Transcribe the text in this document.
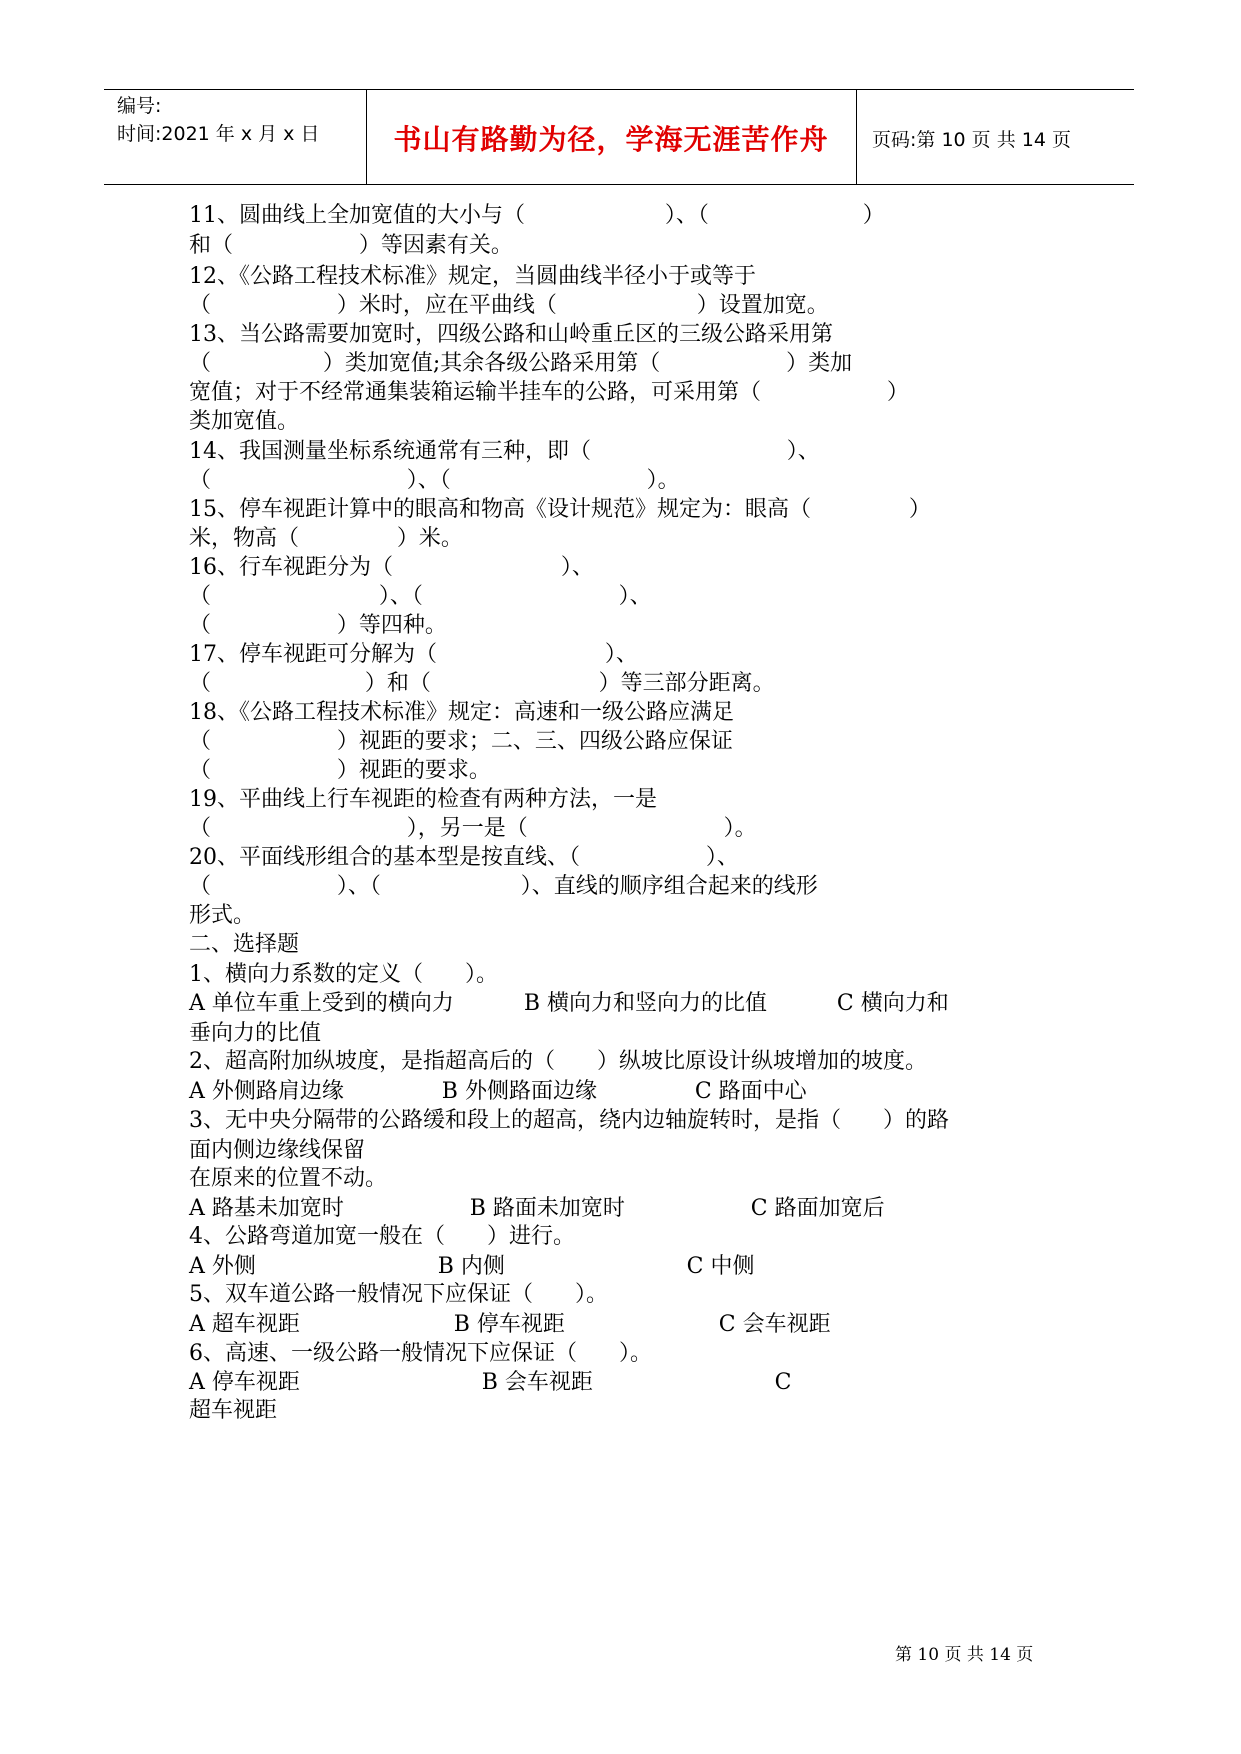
编号:
时间:2021 年 x 月 x 日	书山有路勤为径，学海无涯苦作舟	页码:第 10 页 共 14 页
11、圆曲线上全加宽值的大小与（                    ）、（                      ）
和（                  ）等因素有关。
12、《公路工程技术标准》规定，当圆曲线半径小于或等于
（                  ）米时，应在平曲线（                    ）设置加宽。
13、当公路需要加宽时，四级公路和山岭重丘区的三级公路采用第
（                ）类加宽值;其余各级公路采用第（                  ）类加
宽值；对于不经常通集装箱运输半挂车的公路，可采用第（                  ）
类加宽值。
14、我国测量坐标系统通常有三种，即（                            ）、
（                            ）、（                            ）。
15、停车视距计算中的眼高和物高《设计规范》规定为：眼高（              ）
米，物高（              ）米。
16、行车视距分为（                        ）、
（                        ）、（                            ）、
（                  ）等四种。
17、停车视距可分解为（                        ）、
（                      ）和（                        ）等三部分距离。
18、《公路工程技术标准》规定：高速和一级公路应满足
（                  ）视距的要求；二、三、四级公路应保证
（                  ）视距的要求。
19、平曲线上行车视距的检查有两种方法，一是
（                            ），另一是（                            ）。
20、平面线形组合的基本型是按直线、（                  ）、
（                  ）、（                    ）、直线的顺序组合起来的线形
形式。
二、选择题
1、横向力系数的定义（      ）。
A 单位车重上受到的横向力          B 横向力和竖向力的比值          C 横向力和
垂向力的比值
2、超高附加纵坡度，是指超高后的（      ）纵坡比原设计纵坡增加的坡度。
A 外侧路肩边缘              B 外侧路面边缘              C 路面中心
3、无中央分隔带的公路缓和段上的超高，绕内边轴旋转时，是指（      ）的路
面内侧边缘线保留
在原来的位置不动。
A 路基未加宽时                  B 路面未加宽时                  C 路面加宽后
4、公路弯道加宽一般在（      ）进行。
A 外侧                          B 内侧                          C 中侧
5、双车道公路一般情况下应保证（      ）。
A 超车视距                      B 停车视距                      C 会车视距
6、高速、一级公路一般情况下应保证（      ）。
A 停车视距                          B 会车视距                          C
超车视距
第 10 页 共 14 页
